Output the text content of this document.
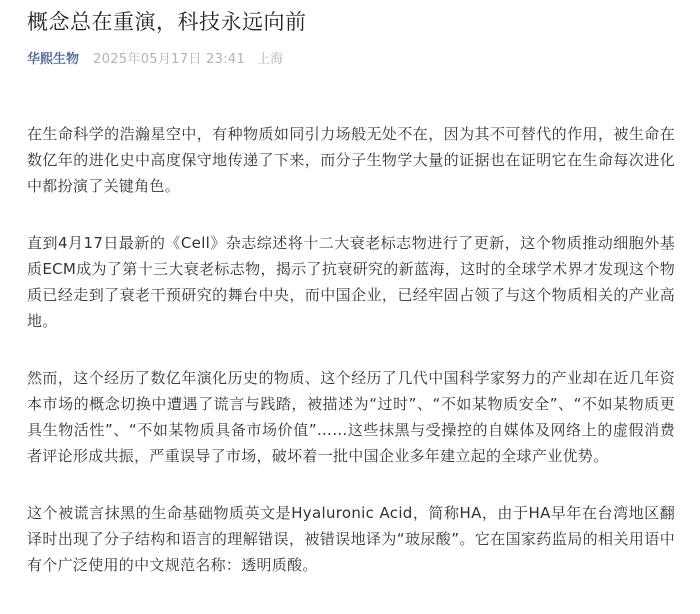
概念总在重演，科技永远向前
华熙生物 2025年05月17日 23:41 上海

在生命科学的浩瀚星空中，有种物质如同引力场般无处不在，因为其不可替代的作用，被生命在数亿年的进化史中高度保守地传递了下来，而分子生物学大量的证据也在证明它在生命每次进化中都扮演了关键角色。

直到4月17日最新的《Cell》杂志综述将十二大衰老标志物进行了更新，这个物质推动细胞外基质ECM成为了第十三大衰老标志物，揭示了抗衰研究的新蓝海，这时的全球学术界才发现这个物质已经走到了衰老干预研究的舞台中央，而中国企业，已经牢固占领了与这个物质相关的产业高地。

然而，这个经历了数亿年演化历史的物质、这个经历了几代中国科学家努力的产业却在近几年资本市场的概念切换中遭遇了谎言与践踏，被描述为“过时”、“不如某物质安全”、“不如某物质更具生物活性”、“不如某物质具备市场价值”……这些抹黑与受操控的自媒体及网络上的虚假消费者评论形成共振，严重误导了市场，破坏着一批中国企业多年建立起的全球产业优势。

这个被谎言抹黑的生命基础物质英文是Hyaluronic Acid，简称HA，由于HA早年在台湾地区翻译时出现了分子结构和语言的理解错误，被错误地译为“玻尿酸”。它在国家药监局的相关用语中有个广泛使用的中文规范名称：透明质酸。
